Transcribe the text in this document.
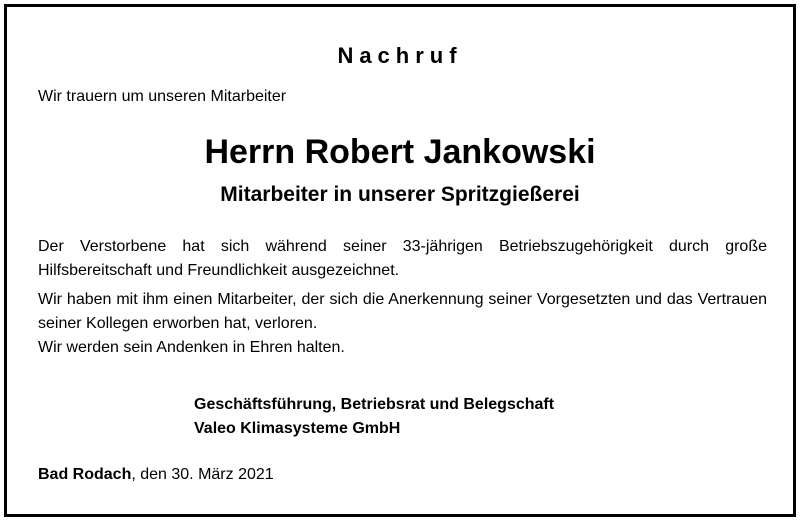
Nachruf
Wir trauern um unseren Mitarbeiter
Herrn Robert Jankowski
Mitarbeiter in unserer Spritzgießerei
Der Verstorbene hat sich während seiner 33-jährigen Betriebszugehörigkeit durch große Hilfsbereitschaft und Freundlichkeit ausgezeichnet.
Wir haben mit ihm einen Mitarbeiter, der sich die Anerkennung seiner Vorgesetzten und das Vertrauen seiner Kollegen erworben hat, verloren.
Wir werden sein Andenken in Ehren halten.
Geschäftsführung, Betriebsrat und Belegschaft
Valeo Klimasysteme GmbH
Bad Rodach, den 30. März 2021
